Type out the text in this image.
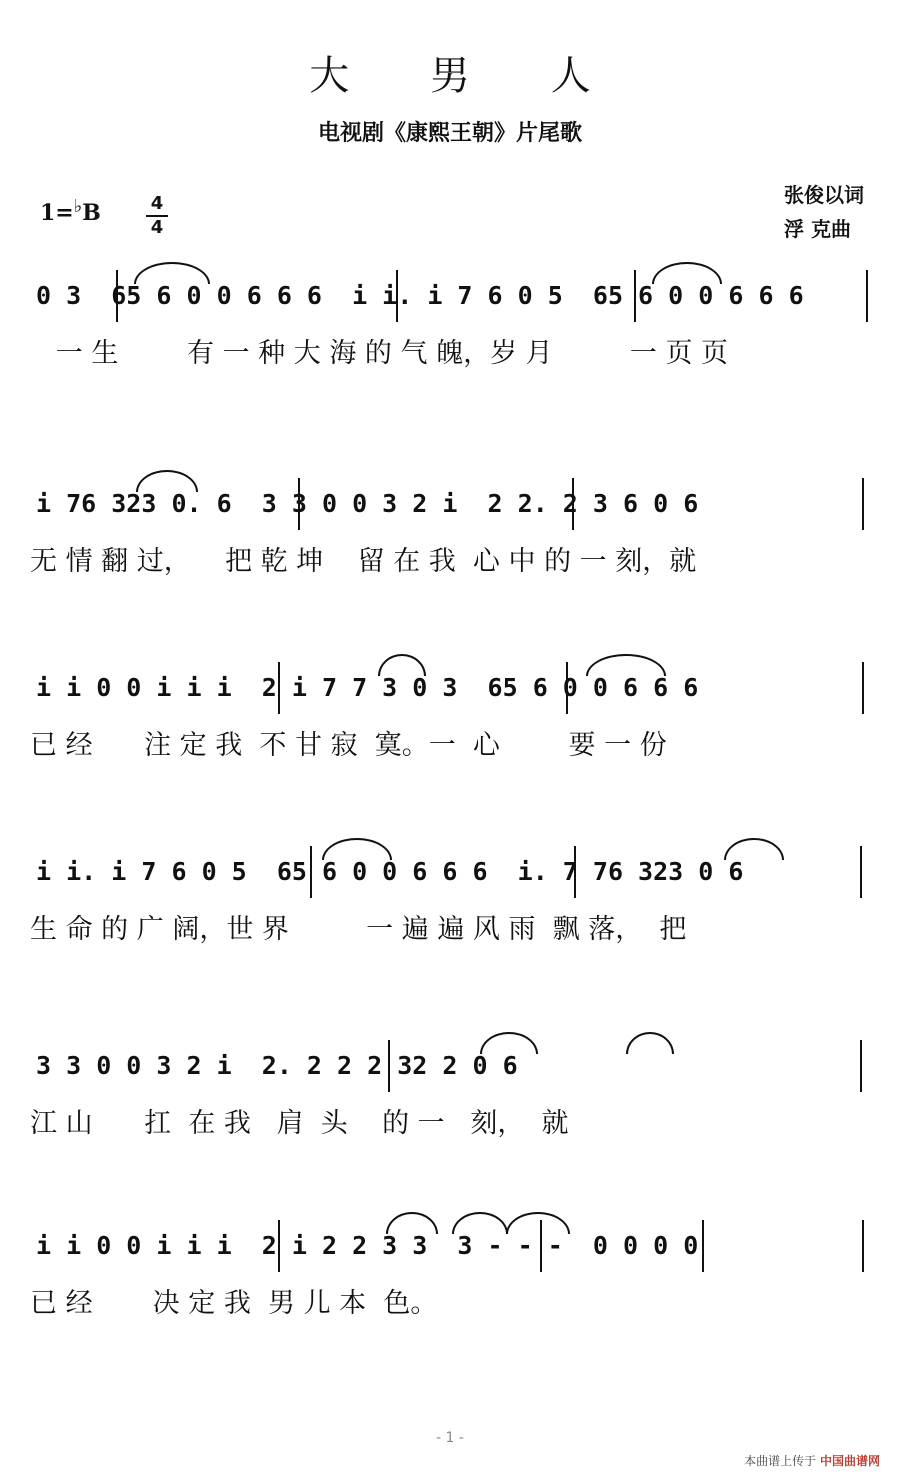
大 男 人
电视剧《康熙王朝》片尾歌
1=♭B	4
4
张俊以词
浮 克曲
0 3  65 6 0 0 6 6 6  i i. i 7 6 0 5  65 6 0 0 6 6 6
一 生        有 一 种 大 海 的 气 魄，岁 月         一 页 页
i 76 323 0. 6  3 3 0 0 3 2 i  2 2. 2 3 6 0 6
无 情 翻 过，    把 乾 坤    留 在 我  心 中 的 一 刻，就
i i 0 0 i i i  2 i 7 7 3 0 3  65 6 0 0 6 6 6
已 经      注 定 我  不 甘 寂  寞。一  心        要 一 份
i i. i 7 6 0 5  65 6 0 0 6 6 6  i. 7 76 323 0 6
生 命 的 广 阔，世 界         一 遍 遍 风 雨  飘 落，  把
3 3 0 0 3 2 i  2. 2 2 2 32 2 0 6
江 山      扛  在 我   肩  头    的 一   刻，  就
i i 0 0 i i i  2 i 2 2 3 3  3 - - -  0 0 0 0
已 经       决 定 我  男 儿 本  色。
- 1 -
本曲谱上传于 中国曲谱网
